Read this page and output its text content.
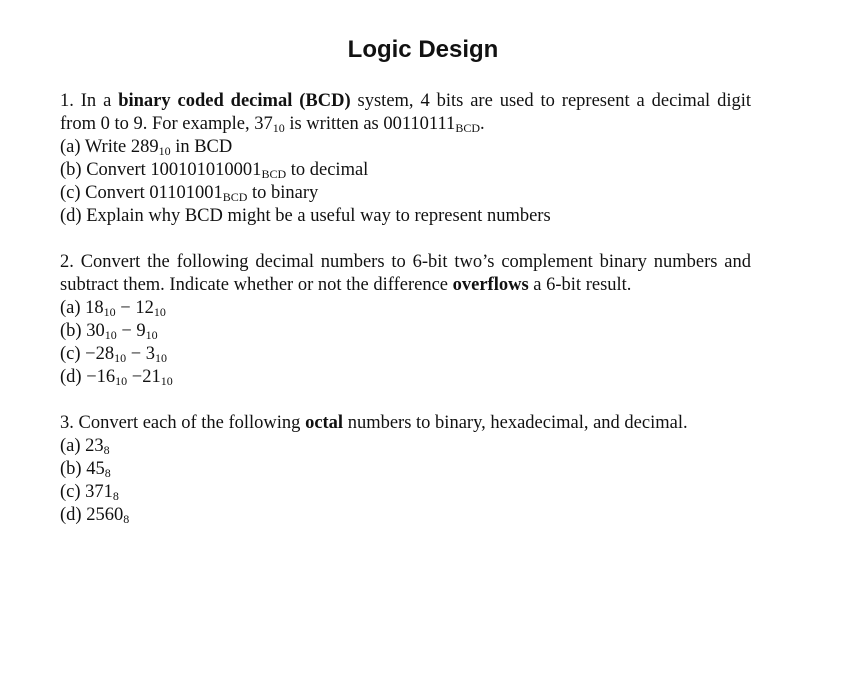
Logic Design

1. In a binary coded decimal (BCD) system, 4 bits are used to represent a decimal digit from 0 to 9. For example, $37_{10}$ is written as $00110111_{BCD}$.

(a) Write $289_{10}$ in BCD
(b) Convert $100101010001_{BCD}$ to decimal
(c) Convert $01101001_{BCD}$ to binary
(d) Explain why BCD might be a useful way to represent numbers

2. Convert the following decimal numbers to 6-bit two’s complement binary numbers and subtract them. Indicate whether or not the difference overflows a 6-bit result.

(a) $18_{10} - 12_{10}$
(b) $30_{10} - 9_{10}$
$(c) -28_{10} - 3_{10}$
$(d) -16_{10} -21_{10}$

3. Convert each of the following octal numbers to binary, hexadecimal, and decimal.

(a) $23_8$
(b) $45_8$
(c) $371_8$
(d) $2560_8$
